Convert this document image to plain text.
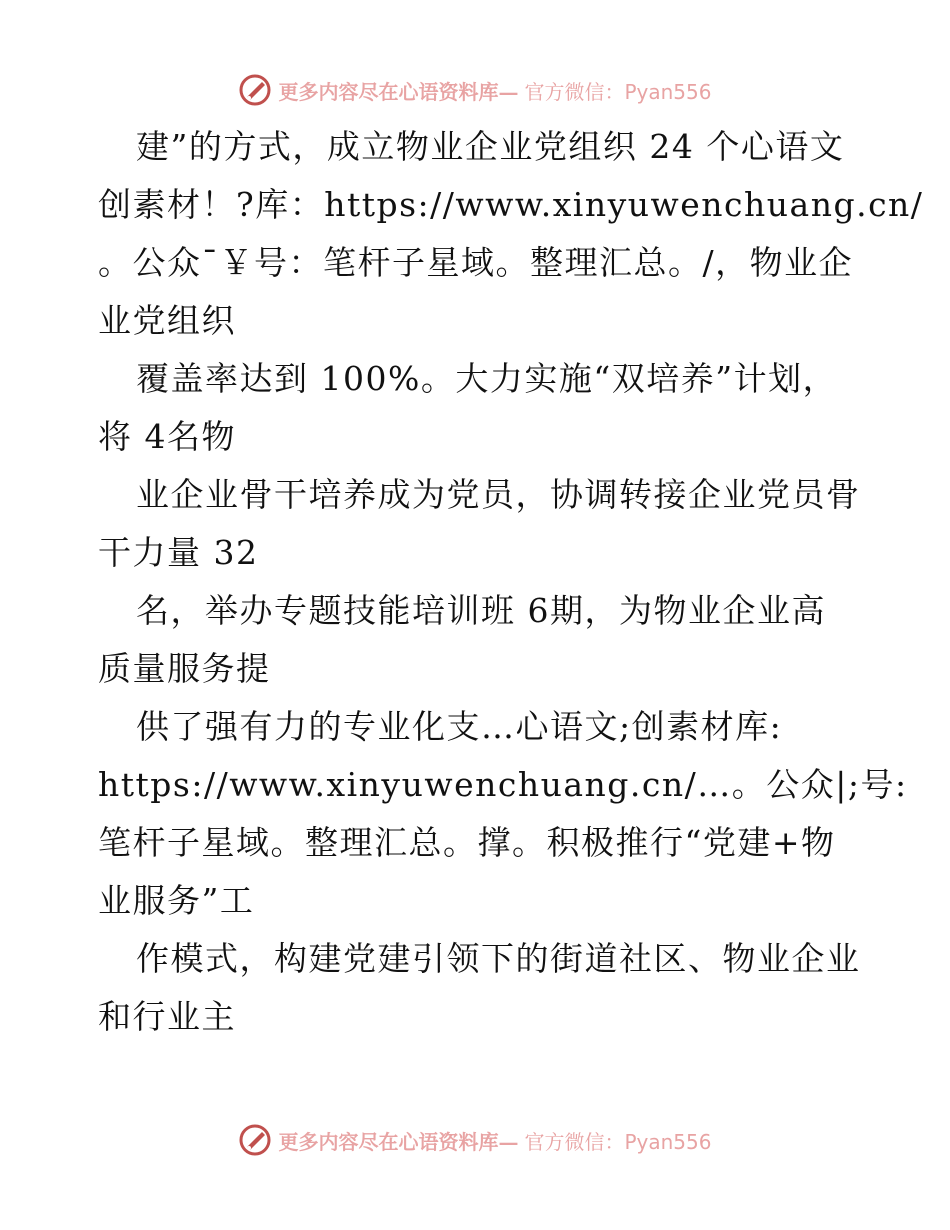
更多内容尽在心语资料库— 官方微信：Pyan556
建”的方式，成立物业企业党组织 24 个心语文
创素材！?库：https://www.xinyuwenchuang.cn/
。公众¯￥号：笔杆子星域。整理汇总。/，物业企
业党组织
覆盖率达到 100%。大力实施“双培养”计划，
将 4名物
业企业骨干培养成为党员，协调转接企业党员骨
干力量 32
名，举办专题技能培训班 6期，为物业企业高
质量服务提
供了强有力的专业化支…心语文;创素材库:
https://www.xinyuwenchuang.cn/…。公众|;号:
笔杆子星域。整理汇总。撑。积极推行“党建+物
业服务”工
作模式，构建党建引领下的街道社区、物业企业
和行业主
更多内容尽在心语资料库— 官方微信：Pyan556
